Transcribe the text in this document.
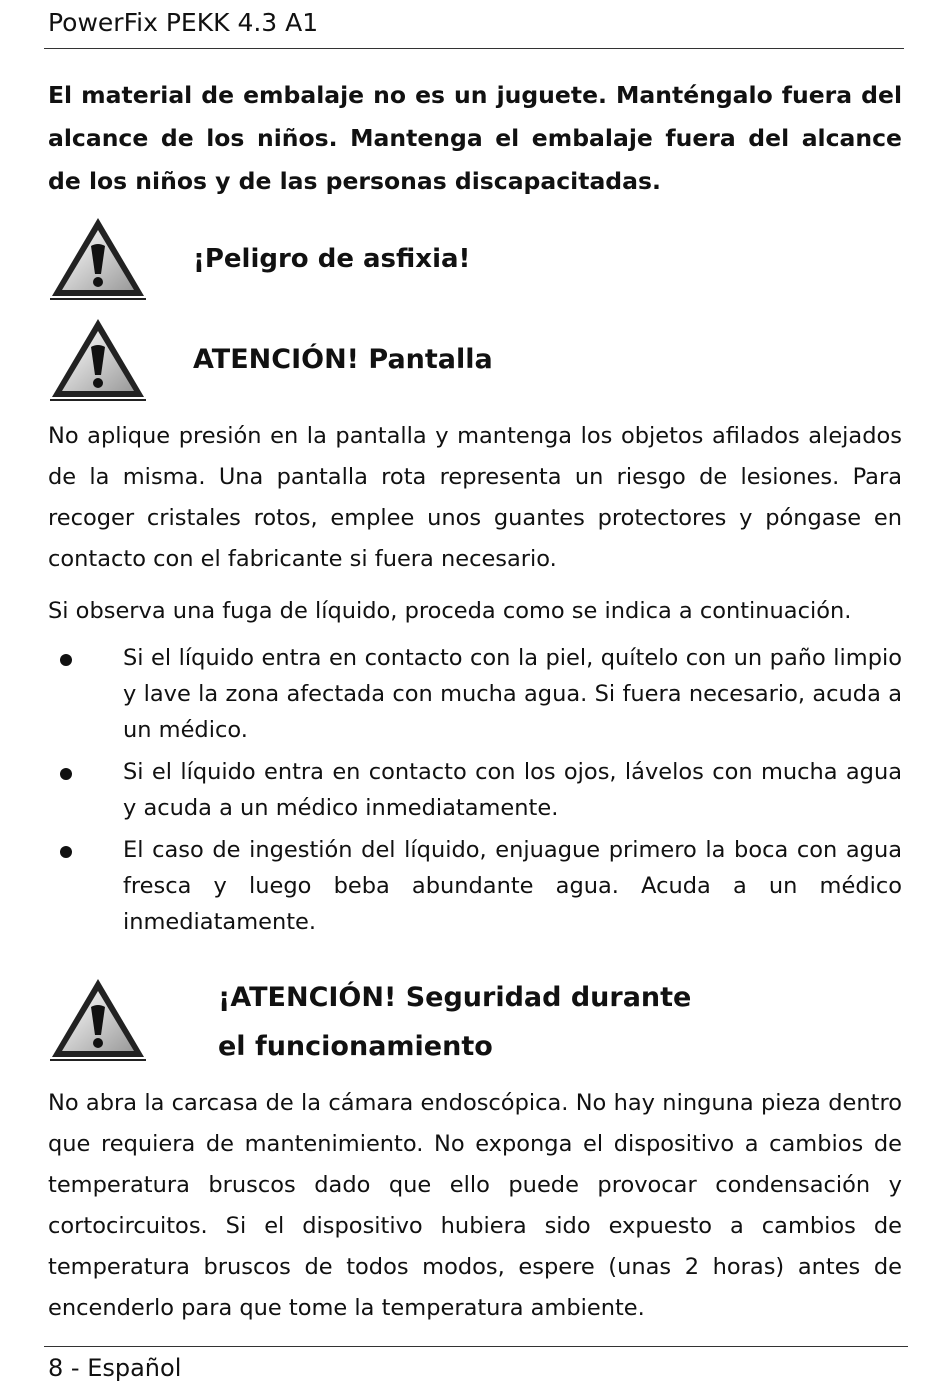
PowerFix PEKK 4.3 A1
El material de embalaje no es un juguete. Manténgalo fuera del alcance de los niños. Mantenga el embalaje fuera del alcance de los niños y de las personas discapacitadas.
¡Peligro de asfixia!
ATENCIÓN! Pantalla

No aplique presión en la pantalla y mantenga los objetos afilados alejados de la misma. Una pantalla rota representa un riesgo de lesiones. Para recoger cristales rotos, emplee unos guantes protectores y póngase en contacto con el fabricante si fuera necesario.

Si observa una fuga de líquido, proceda como se indica a continuación.

Si el líquido entra en contacto con la piel, quítelo con un paño limpio y lave la zona afectada con mucha agua. Si fuera necesario, acuda a un médico.
Si el líquido entra en contacto con los ojos, lávelos con mucha agua y acuda a un médico inmediatamente.
El caso de ingestión del líquido, enjuague primero la boca con agua fresca y luego beba abundante agua. Acuda a un médico inmediatamente.
¡ATENCIÓN! Seguridad durante
el funcionamiento

No abra la carcasa de la cámara endoscópica. No hay ninguna pieza dentro que requiera de mantenimiento. No exponga el dispositivo a cambios de temperatura bruscos dado que ello puede provocar condensación y cortocircuitos. Si el dispositivo hubiera sido expuesto a cambios de temperatura bruscos de todos modos, espere (unas 2 horas) antes de encenderlo para que tome la temperatura ambiente.

8 - Español
